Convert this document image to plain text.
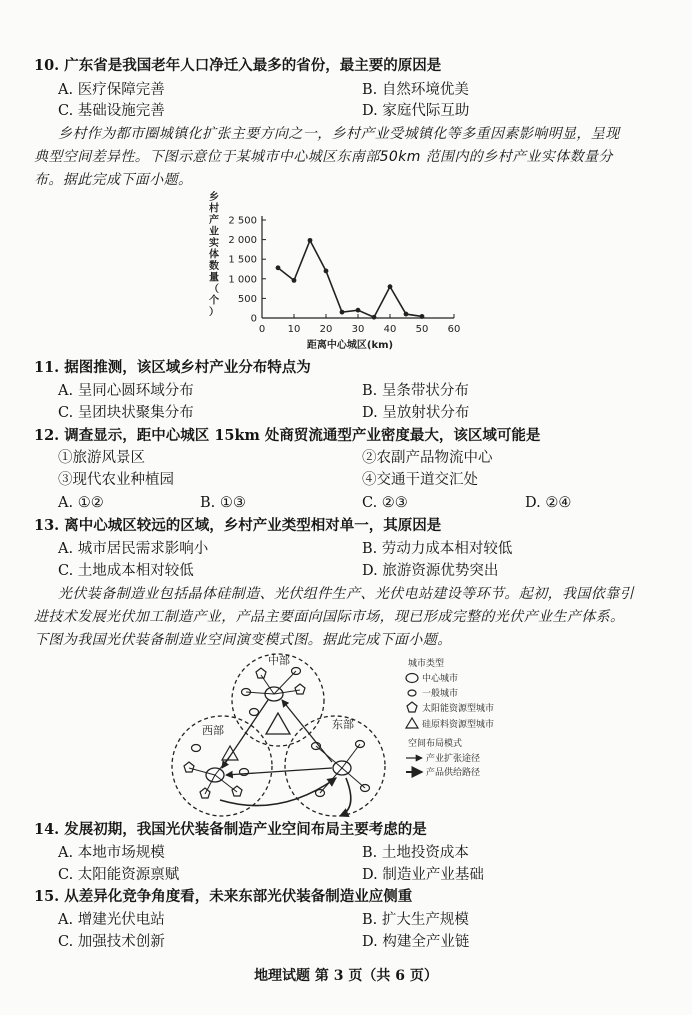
10. 广东省是我国老年人口净迁入最多的省份，最主要的原因是
A. 医疗保障完善	B. 自然环境优美
C. 基础设施完善	D. 家庭代际互助
乡村作为都市圈城镇化扩张主要方向之一，乡村产业受城镇化等多重因素影响明显，呈现
典型空间差异性。下图示意位于某城市中心城区东南部50km 范围内的乡村产业实体数量分
布。据此完成下面小题。
乡
村
产
业
实
体
数
量
（
个
）
0
500
1 000
1 500
2 000
2 500
0 10 20 30 40 50 60
距离中心城区(km)
11. 据图推测，该区域乡村产业分布特点为
A. 呈同心圆环域分布	B. 呈条带状分布
C. 呈团块状聚集分布	D. 呈放射状分布
12. 调查显示，距中心城区 15km 处商贸流通型产业密度最大，该区域可能是
①旅游风景区	②农副产品物流中心
③现代农业种植园	④交通干道交汇处
A. ①②	B. ①③	C. ②③	D. ②④
13. 离中心城区较远的区域，乡村产业类型相对单一，其原因是
A. 城市居民需求影响小	B. 劳动力成本相对较低
C. 土地成本相对较低	D. 旅游资源优势突出
光伏装备制造业包括晶体硅制造、光伏组件生产、光伏电站建设等环节。起初，我国依靠引
进技术发展光伏加工制造产业，产品主要面向国际市场，现已形成完整的光伏产业生产体系。
下图为我国光伏装备制造业空间演变模式图。据此完成下面小题。
中部
西部	东部
城市类型
中心城市
一般城市
太阳能资源型城市
硅原料资源型城市
空间布局模式
产业扩张途径
产品供给路径
14. 发展初期，我国光伏装备制造产业空间布局主要考虑的是
A. 本地市场规模	B. 土地投资成本
C. 太阳能资源禀赋	D. 制造业产业基础
15. 从差异化竞争角度看，未来东部光伏装备制造业应侧重
A. 增建光伏电站	B. 扩大生产规模
C. 加强技术创新	D. 构建全产业链
地理试题 第 3 页（共 6 页）
